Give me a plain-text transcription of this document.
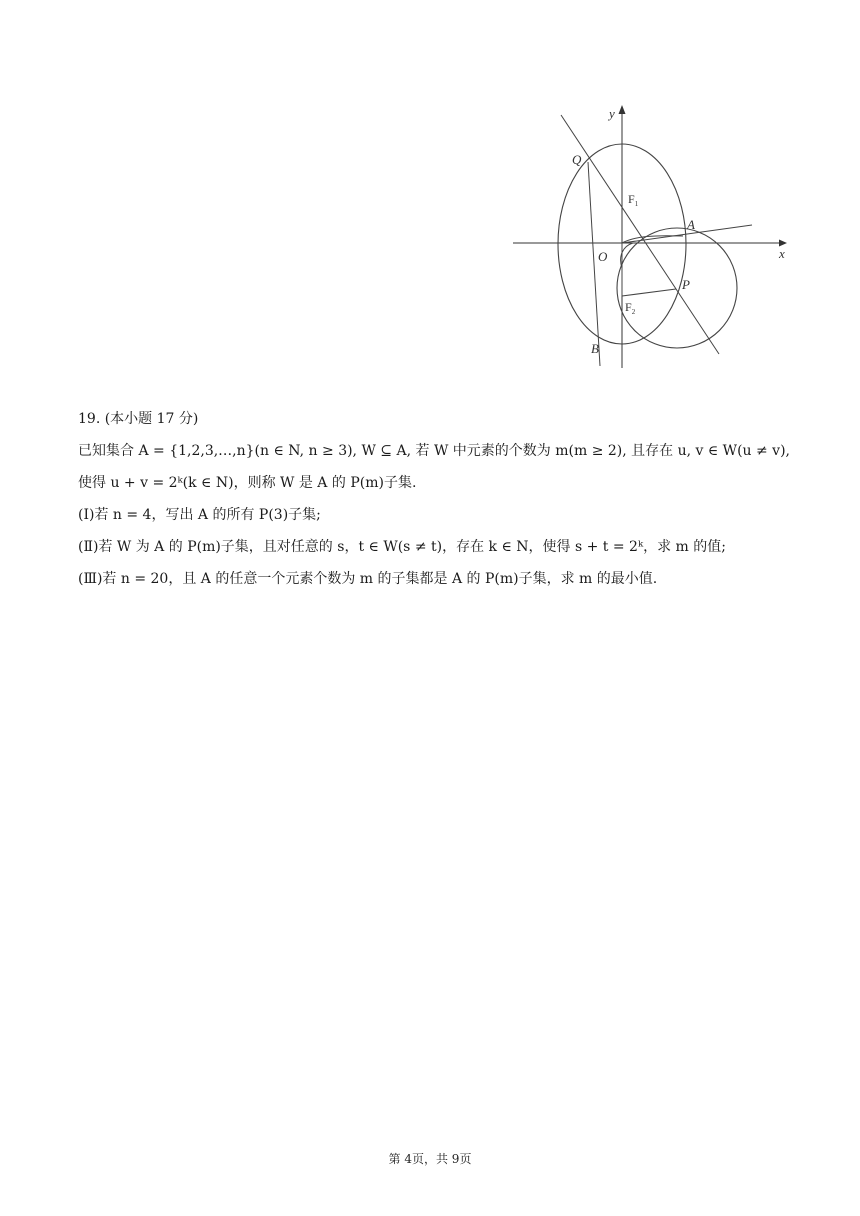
y
x
Q
$F_1$
A
O
P
$F_2$
B
19. (本小题 17 分)
已知集合 A = {1,2,3,…,n}(n ∈ N, n ≥ 3), W ⊆ A, 若 W 中元素的个数为 m(m ≥ 2), 且存在 u, v ∈ W(u ≠ v),
使得 u + v = 2ᵏ(k ∈ N)，则称 W 是 A 的 P(m)子集.
(Ⅰ)若 n = 4，写出 A 的所有 P(3)子集;
(Ⅱ)若 W 为 A 的 P(m)子集，且对任意的 s，t ∈ W(s ≠ t)，存在 k ∈ N，使得 s + t = 2ᵏ，求 m 的值;
(Ⅲ)若 n = 20，且 A 的任意一个元素个数为 m 的子集都是 A 的 P(m)子集，求 m 的最小值.
第 4页，共 9页
